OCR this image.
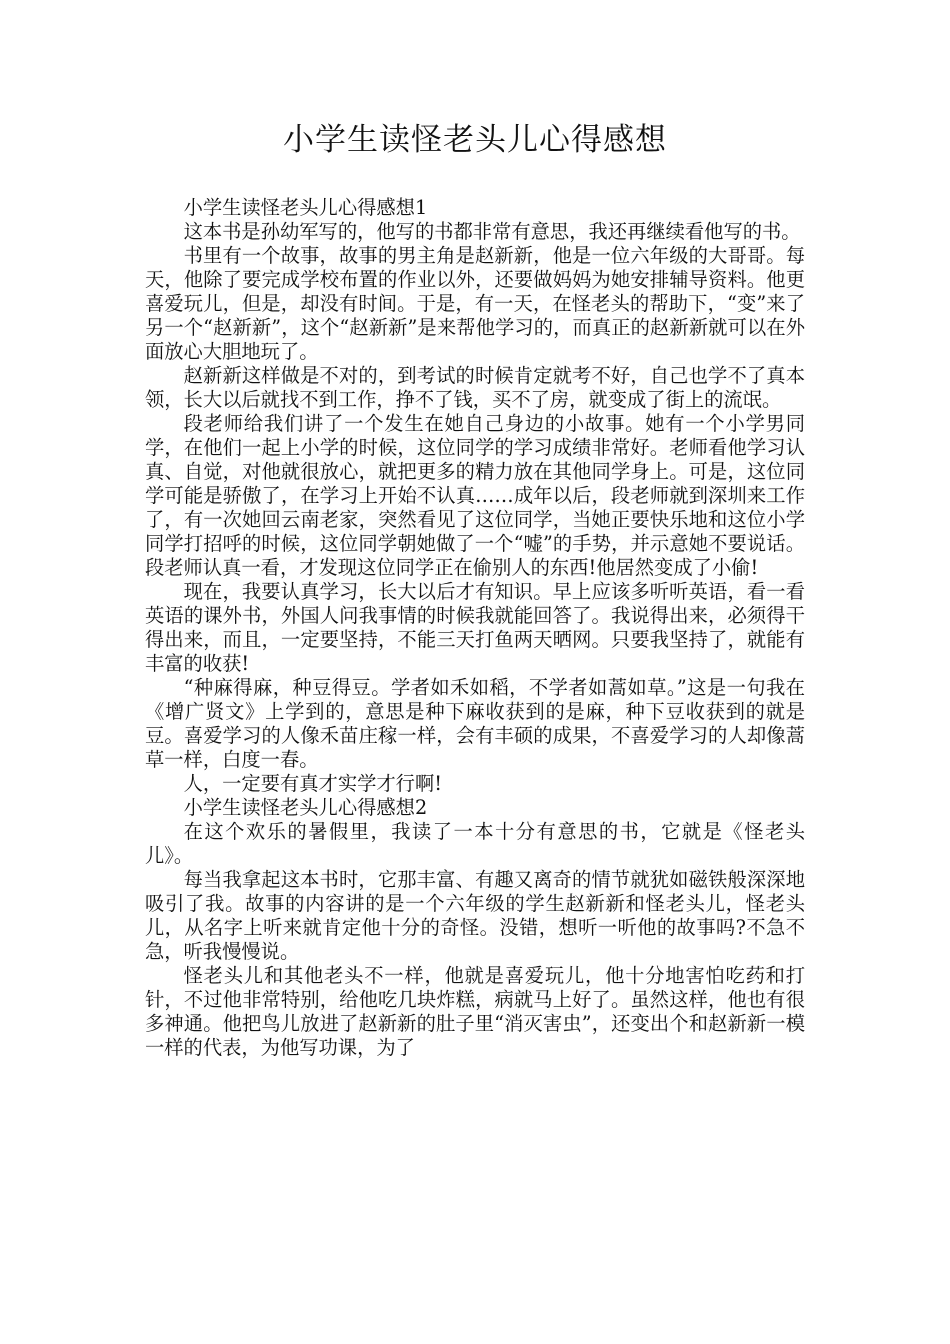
小学生读怪老头儿心得感想

小学生读怪老头儿心得感想1

这本书是孙幼军写的，他写的书都非常有意思，我还再继续看他写的书。

书里有一个故事，故事的男主角是赵新新，他是一位六年级的大哥哥。每天，他除了要完成学校布置的作业以外，还要做妈妈为她安排辅导资料。他更喜爱玩儿，但是，却没有时间。于是，有一天，在怪老头的帮助下，“变”来了另一个“赵新新”，这个“赵新新”是来帮他学习的，而真正的赵新新就可以在外面放心大胆地玩了。

赵新新这样做是不对的，到考试的时候肯定就考不好，自己也学不了真本领，长大以后就找不到工作，挣不了钱，买不了房，就变成了街上的流氓。

段老师给我们讲了一个发生在她自己身边的小故事。她有一个小学男同学，在他们一起上小学的时候，这位同学的学习成绩非常好。老师看他学习认真、自觉，对他就很放心，就把更多的精力放在其他同学身上。可是，这位同学可能是骄傲了，在学习上开始不认真……成年以后，段老师就到深圳来工作了，有一次她回云南老家，突然看见了这位同学，当她正要快乐地和这位小学同学打招呼的时候，这位同学朝她做了一个“嘘”的手势，并示意她不要说话。段老师认真一看，才发现这位同学正在偷别人的东西!他居然变成了小偷!

现在，我要认真学习，长大以后才有知识。早上应该多听听英语，看一看英语的课外书，外国人问我事情的时候我就能回答了。我说得出来，必须得干得出来，而且，一定要坚持，不能三天打鱼两天晒网。只要我坚持了，就能有丰富的收获!

“种麻得麻，种豆得豆。学者如禾如稻，不学者如蒿如草。”这是一句我在《增广贤文》上学到的，意思是种下麻收获到的是麻，种下豆收获到的就是豆。喜爱学习的人像禾苗庄稼一样，会有丰硕的成果，不喜爱学习的人却像蒿草一样，白度一春。

人，一定要有真才实学才行啊!

小学生读怪老头儿心得感想2

在这个欢乐的暑假里，我读了一本十分有意思的书，它就是《怪老头儿》。

每当我拿起这本书时，它那丰富、有趣又离奇的情节就犹如磁铁般深深地吸引了我。故事的内容讲的是一个六年级的学生赵新新和怪老头儿，怪老头儿，从名字上听来就肯定他十分的奇怪。没错，想听一听他的故事吗?不急不急，听我慢慢说。

怪老头儿和其他老头不一样，他就是喜爱玩儿，他十分地害怕吃药和打针，不过他非常特别，给他吃几块炸糕，病就马上好了。虽然这样，他也有很多神通。他把鸟儿放进了赵新新的肚子里“消灭害虫”，还变出个和赵新新一模一样的代表，为他写功课，为了
